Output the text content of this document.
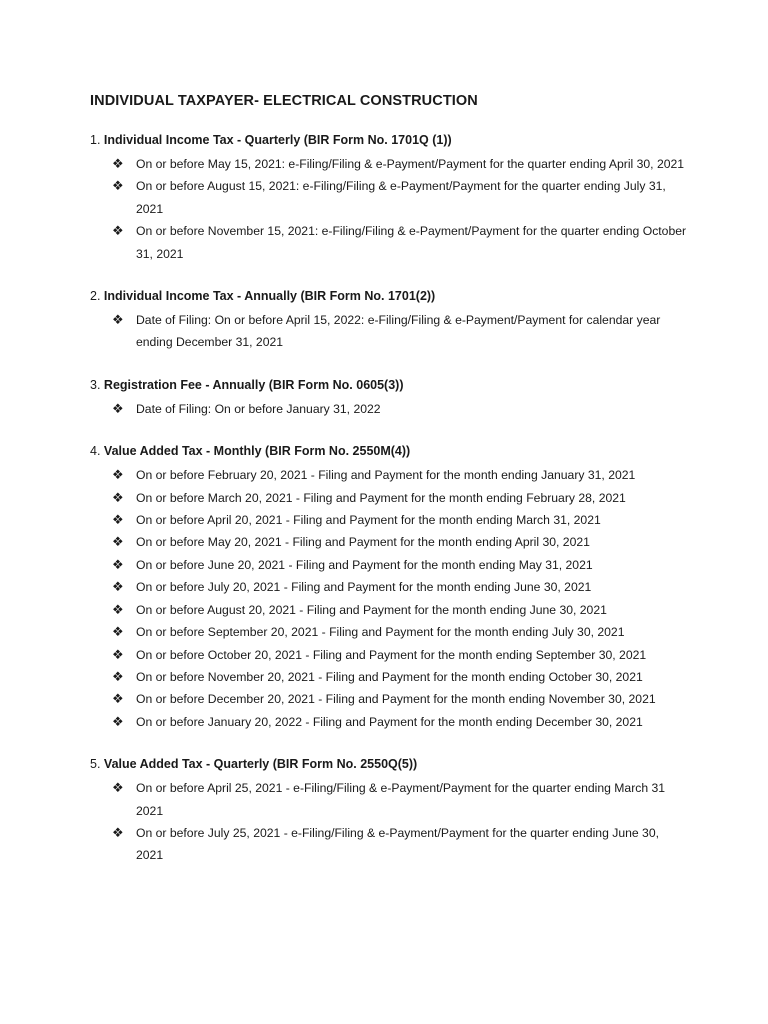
INDIVIDUAL TAXPAYER- ELECTRICAL CONSTRUCTION
1. Individual Income Tax - Quarterly (BIR Form No. 1701Q (1))
❖ On or before May 15, 2021: e-Filing/Filing & e-Payment/Payment for the quarter ending April 30, 2021
❖ On or before August 15, 2021: e-Filing/Filing & e-Payment/Payment for the quarter ending July 31, 2021
❖ On or before November 15, 2021: e-Filing/Filing & e-Payment/Payment for the quarter ending October 31, 2021
2. Individual Income Tax - Annually (BIR Form No. 1701(2))
❖ Date of Filing: On or before April 15, 2022: e-Filing/Filing & e-Payment/Payment for calendar year ending December 31, 2021
3. Registration Fee - Annually (BIR Form No. 0605(3))
❖ Date of Filing: On or before January 31, 2022
4. Value Added Tax - Monthly (BIR Form No. 2550M(4))
❖ On or before February 20, 2021 - Filing and Payment for the month ending January 31, 2021
❖ On or before March 20, 2021 - Filing and Payment for the month ending February 28, 2021
❖ On or before April 20, 2021 - Filing and Payment for the month ending March 31, 2021
❖ On or before May 20, 2021 - Filing and Payment for the month ending April 30, 2021
❖ On or before June 20, 2021 - Filing and Payment for the month ending May 31, 2021
❖ On or before July 20, 2021 - Filing and Payment for the month ending June 30, 2021
❖ On or before August 20, 2021 - Filing and Payment for the month ending June 30, 2021
❖ On or before September 20, 2021 - Filing and Payment for the month ending July 30, 2021
❖ On or before October 20, 2021 - Filing and Payment for the month ending September 30, 2021
❖ On or before November 20, 2021 - Filing and Payment for the month ending October 30, 2021
❖ On or before December 20, 2021 - Filing and Payment for the month ending November 30, 2021
❖ On or before January 20, 2022 - Filing and Payment for the month ending December 30, 2021
5. Value Added Tax - Quarterly (BIR Form No. 2550Q(5))
❖ On or before April 25, 2021 - e-Filing/Filing & e-Payment/Payment for the quarter ending March 31 2021
❖ On or before July 25, 2021 - e-Filing/Filing & e-Payment/Payment for the quarter ending June 30, 2021
